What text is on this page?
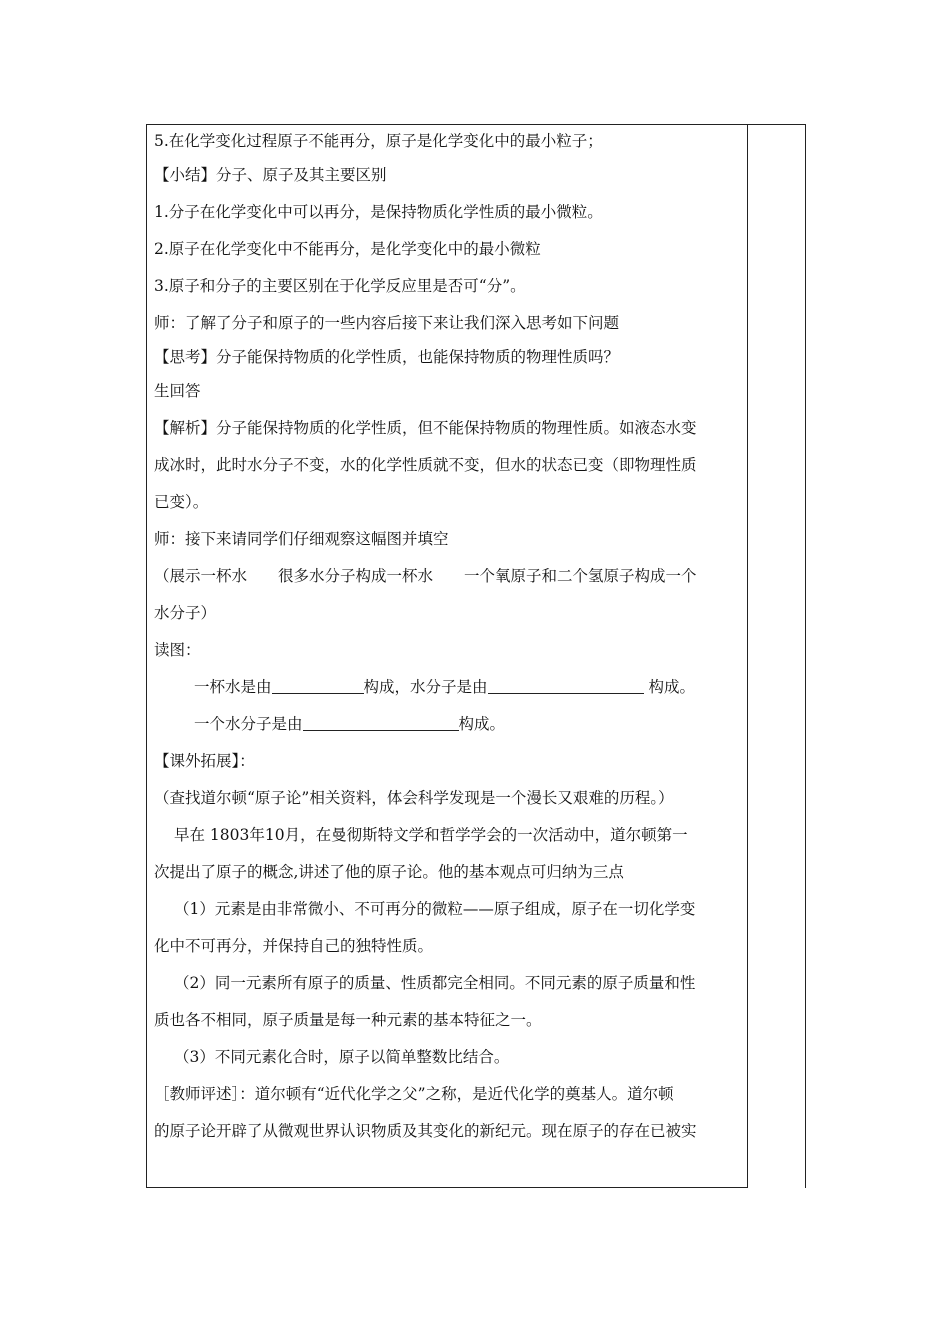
5.在化学变化过程原子不能再分，原子是化学变化中的最小粒子；
【小结】分子、原子及其主要区别
1.分子在化学变化中可以再分，是保持物质化学性质的最小微粒。
2.原子在化学变化中不能再分，是化学变化中的最小微粒
3.原子和分子的主要区别在于化学反应里是否可“分”。
师：了解了分子和原子的一些内容后接下来让我们深入思考如下问题
【思考】分子能保持物质的化学性质，也能保持物质的物理性质吗？
生回答
【解析】分子能保持物质的化学性质，但不能保持物质的物理性质。如液态水变
成冰时，此时水分子不变，水的化学性质就不变，但水的状态已变（即物理性质
已变）。
师：接下来请同学们仔细观察这幅图并填空
（展示一杯水　　很多水分子构成一杯水　　一个氧原子和二个氢原子构成一个
水分子）
读图：
一杯水是由	构成，水分子是由	构成。
一个水分子是由	构成。
【课外拓展】：
（查找道尔顿“原子论”相关资料，体会科学发现是一个漫长又艰难的历程。）
早在 1803年10月，在曼彻斯特文学和哲学学会的一次活动中，道尔顿第一
次提出了原子的概念,讲述了他的原子论。他的基本观点可归纳为三点
（1）元素是由非常微小、不可再分的微粒——原子组成，原子在一切化学变
化中不可再分，并保持自己的独特性质。
（2）同一元素所有原子的质量、性质都完全相同。不同元素的原子质量和性
质也各不相同，原子质量是每一种元素的基本特征之一。
（3）不同元素化合时，原子以简单整数比结合。
［教师评述］：道尔顿有“近代化学之父”之称，是近代化学的奠基人。道尔顿
的原子论开辟了从微观世界认识物质及其变化的新纪元。现在原子的存在已被实
